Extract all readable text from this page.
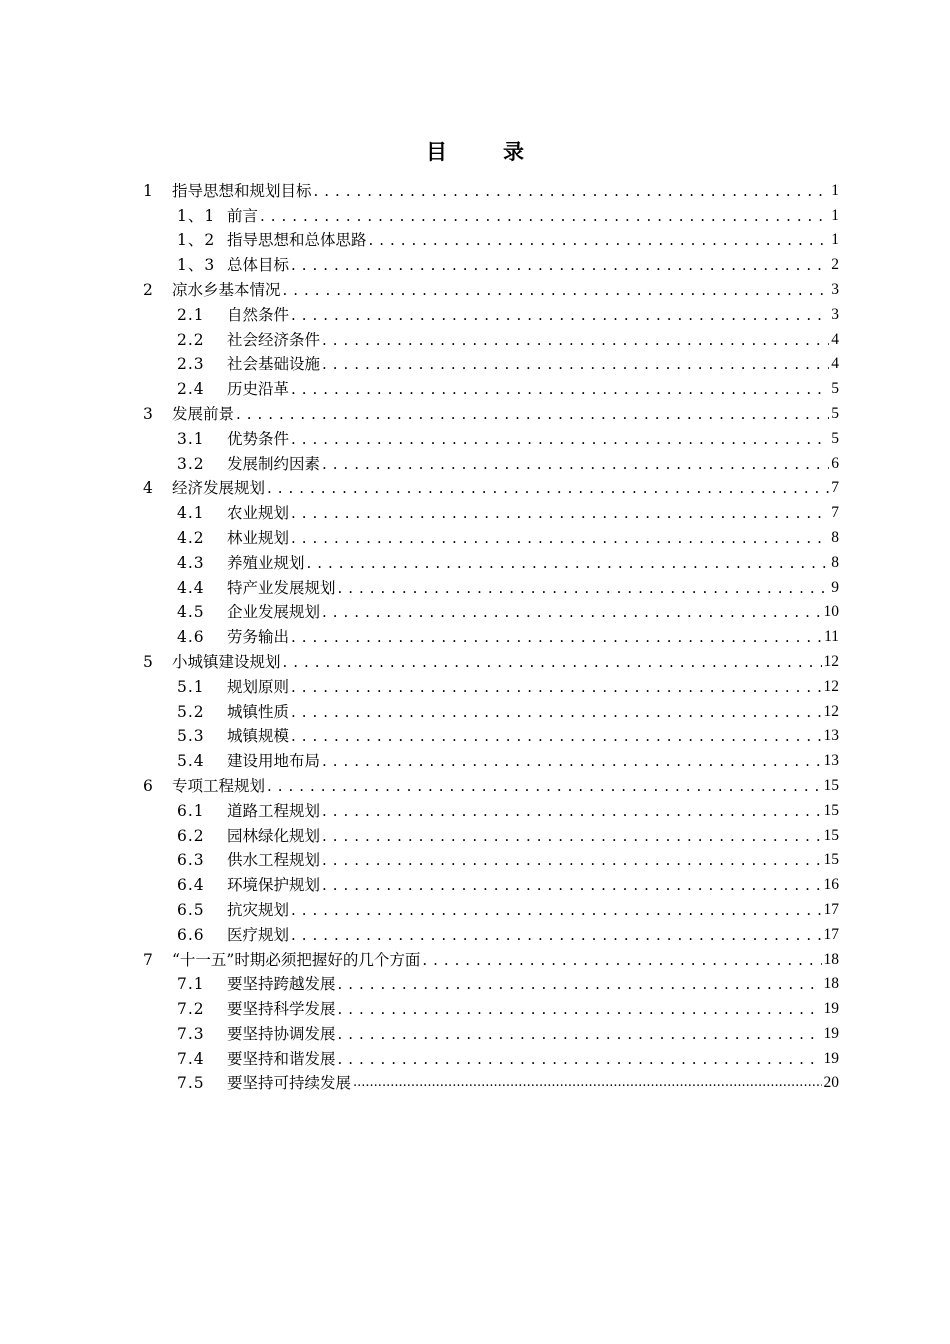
目	录
1	指导思想和规划目标 . . .	1
1、1 前言 . . .	1
1、2 指导思想和总体思路 . . .	1
1、3 总体目标 . . .	2
2	凉水乡基本情况 . . .	3
2.1	自然条件 . . .	3
2.2	社会经济条件 . . .	4
2.3	社会基础设施 . . .	4
2.4	历史沿革 . . .	5
3	发展前景 . . .	5
3.1	优势条件 . . .	5
3.2	发展制约因素 . . .	6
4	经济发展规划 . . .	7
4.1	农业规划 . . .	7
4.2	林业规划 . . .	8
4.3	养殖业规划 . . .	8
4.4	特产业发展规划 . . .	9
4.5	企业发展规划 . . .	10
4.6	劳务输出 . . .	11
5	小城镇建设规划 . . .	12
5.1	规划原则 . . .	12
5.2	城镇性质 . . .	12
5.3	城镇规模 . . .	13
5.4	建设用地布局 . . .	13
6	专项工程规划 . . .	15
6.1	道路工程规划 . . .	15
6.2	园林绿化规划 . . .	15
6.3	供水工程规划 . . .	15
6.4	环境保护规划 . . .	16
6.5	抗灾规划 . . .	17
6.6	医疗规划 . . .	17
7	“十一五”时期必须把握好的几个方面 . . .	18
7.1	要坚持跨越发展 . . .	18
7.2	要坚持科学发展 . . .	19
7.3	要坚持协调发展 . . .	19
7.4	要坚持和谐发展 . . .	19
7.5	要坚持可持续发展 .....	20
